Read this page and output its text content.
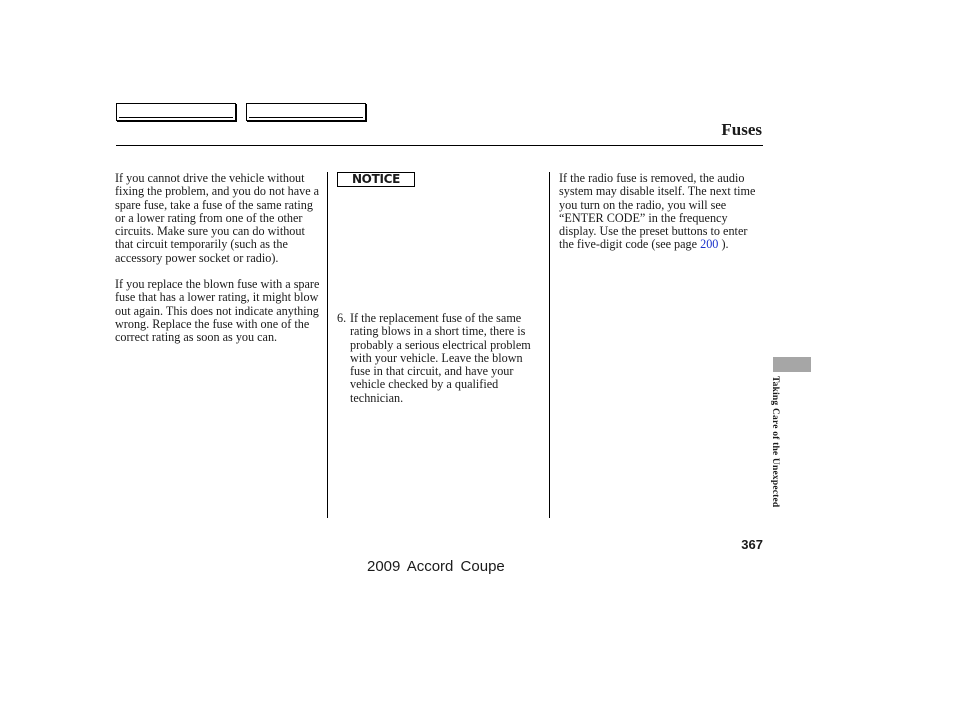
Fuses

If you cannot drive the vehicle without fixing the problem, and you do not have a spare fuse, take a fuse of the same rating or a lower rating from one of the other circuits. Make sure you can do without that circuit temporarily (such as the accessory power socket or radio).

If you replace the blown fuse with a spare fuse that has a lower rating, it might blow out again. This does not indicate anything wrong. Replace the fuse with one of the correct rating as soon as you can.

NOTICE

6. If the replacement fuse of the same rating blows in a short time, there is probably a serious electrical problem with your vehicle. Leave the blown fuse in that circuit, and have your vehicle checked by a qualified technician.

If the radio fuse is removed, the audio system may disable itself. The next time you turn on the radio, you will see “ENTER CODE” in the frequency display. Use the preset buttons to enter the five-digit code (see page 200 ).

Taking Care of the Unexpected
367
2009 Accord Coupe
